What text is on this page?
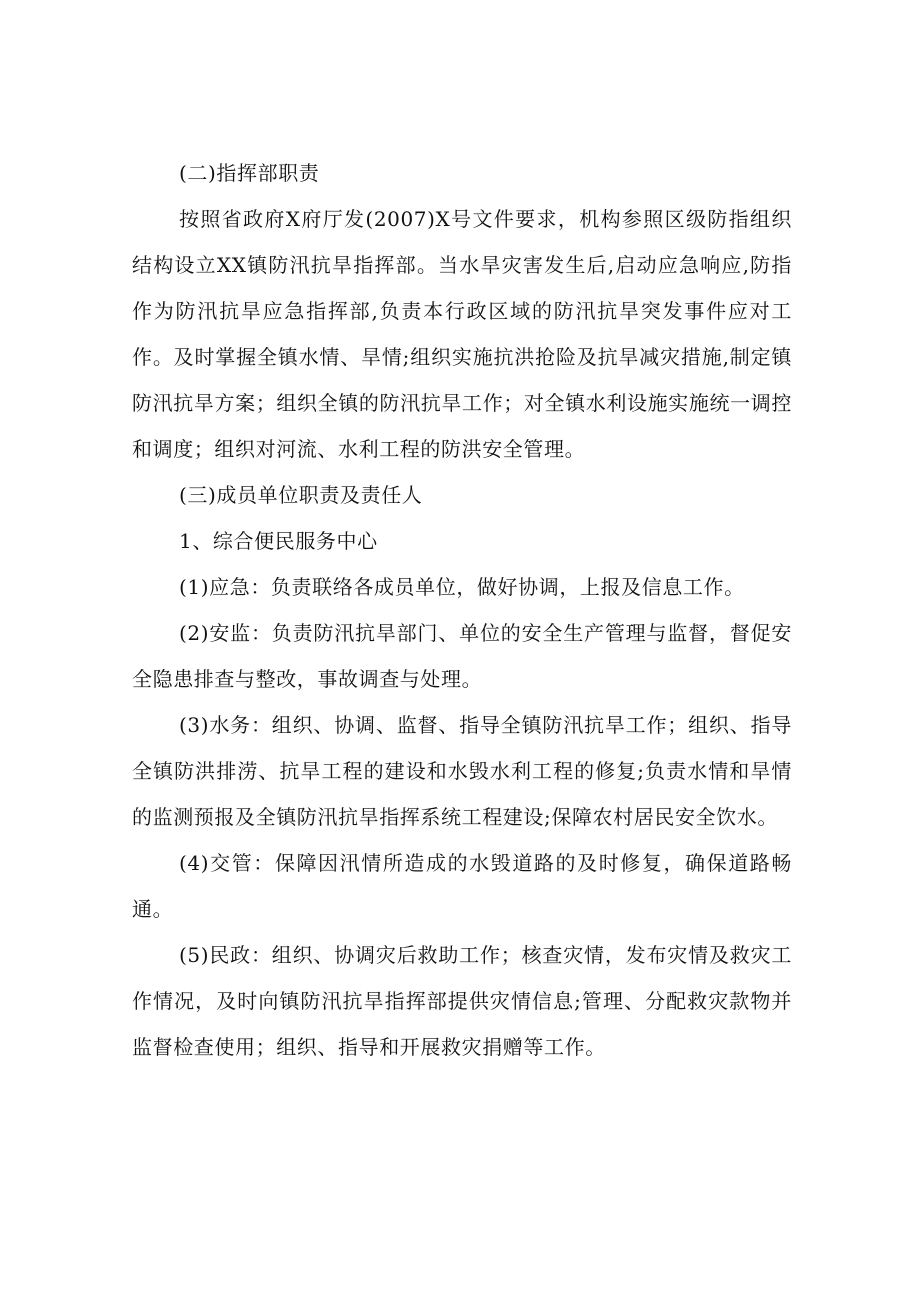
(二)指挥部职责

按照省政府X府厅发(2007)X号文件要求，机构参照区级防指组织结构设立XX镇防汛抗旱指挥部。当水旱灾害发生后,启动应急响应,防指作为防汛抗旱应急指挥部,负责本行政区域的防汛抗旱突发事件应对工作。及时掌握全镇水情、旱情;组织实施抗洪抢险及抗旱减灾措施,制定镇防汛抗旱方案；组织全镇的防汛抗旱工作；对全镇水利设施实施统一调控和调度；组织对河流、水利工程的防洪安全管理。

(三)成员单位职责及责任人

1、综合便民服务中心

(1)应急：负责联络各成员单位，做好协调，上报及信息工作。

(2)安监：负责防汛抗旱部门、单位的安全生产管理与监督，督促安全隐患排查与整改，事故调查与处理。

(3)水务：组织、协调、监督、指导全镇防汛抗旱工作；组织、指导全镇防洪排涝、抗旱工程的建设和水毁水利工程的修复;负责水情和旱情的监测预报及全镇防汛抗旱指挥系统工程建设;保障农村居民安全饮水。

(4)交管：保障因汛情所造成的水毁道路的及时修复，确保道路畅通。

(5)民政：组织、协调灾后救助工作；核查灾情，发布灾情及救灾工作情况，及时向镇防汛抗旱指挥部提供灾情信息;管理、分配救灾款物并监督检查使用；组织、指导和开展救灾捐赠等工作。
